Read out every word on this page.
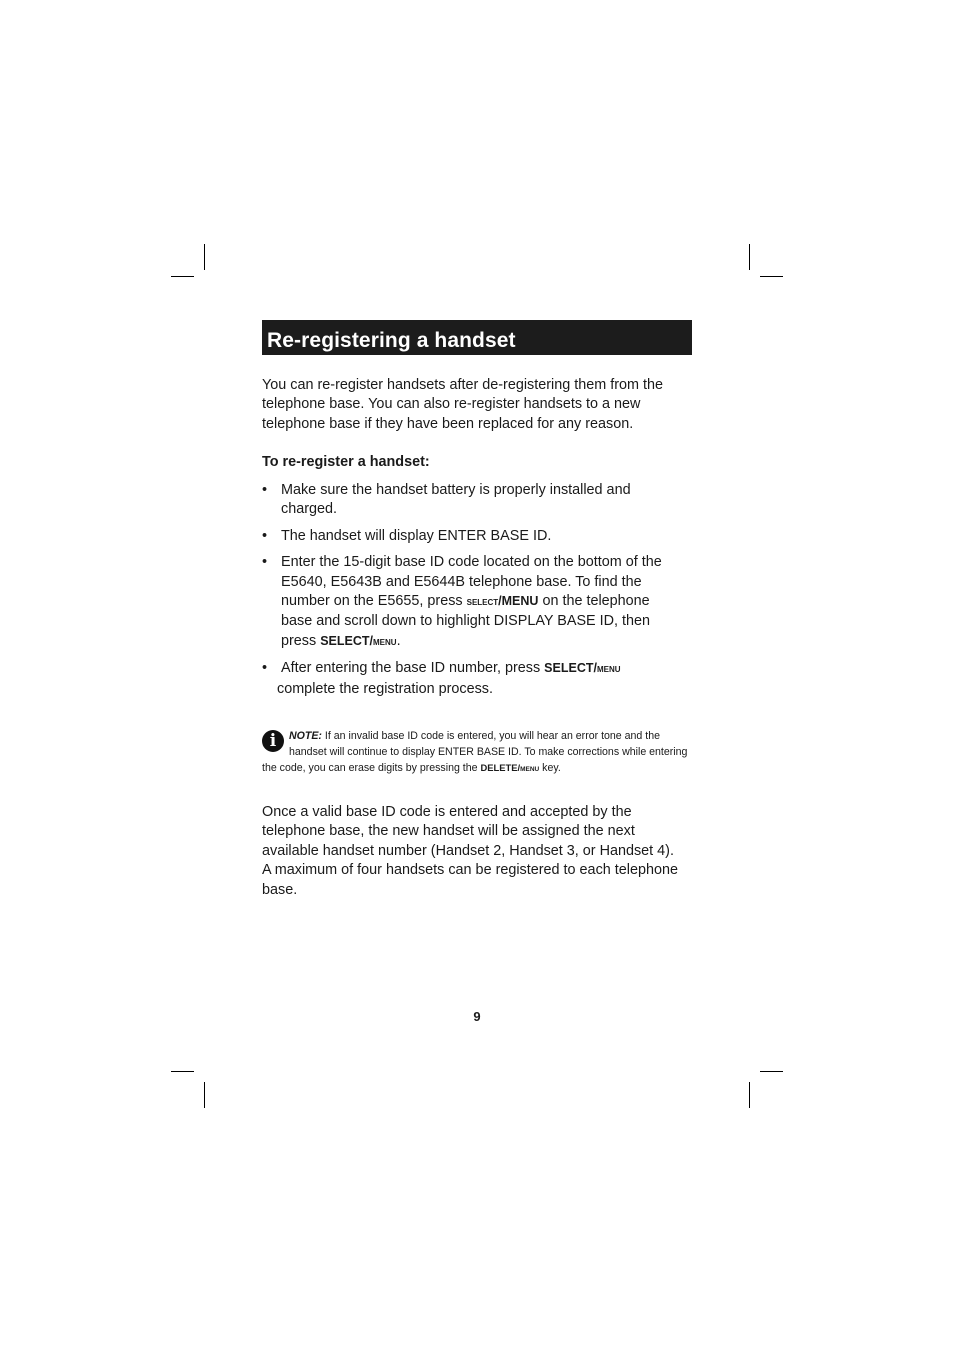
Re-registering a handset

You can re-register handsets after de-registering them from the telephone base. You can also re-register handsets to a new telephone base if they have been replaced for any reason.

To re-register a handset:

• Make sure the handset battery is properly installed and charged.
• The handset will display ENTER BASE ID.
• Enter the 15-digit base ID code located on the bottom of the E5640, E5643B and E5644B telephone base. To find the number on the E5655, press SELECT/MENU on the telephone base and scroll down to highlight DISPLAY BASE ID, then press SELECT/MENU.
• After entering the base ID number, press SELECT/MENU
complete the registration process.

i	NOTE: If an invalid base ID code is entered, you will hear an error tone and the handset will continue to display ENTER BASE ID. To make corrections while entering the code, you can erase digits by pressing the DELETE/MENU key.

Once a valid base ID code is entered and accepted by the telephone base, the new handset will be assigned the next available handset number (Handset 2, Handset 3, or Handset 4). A maximum of four handsets can be registered to each telephone base.

9
